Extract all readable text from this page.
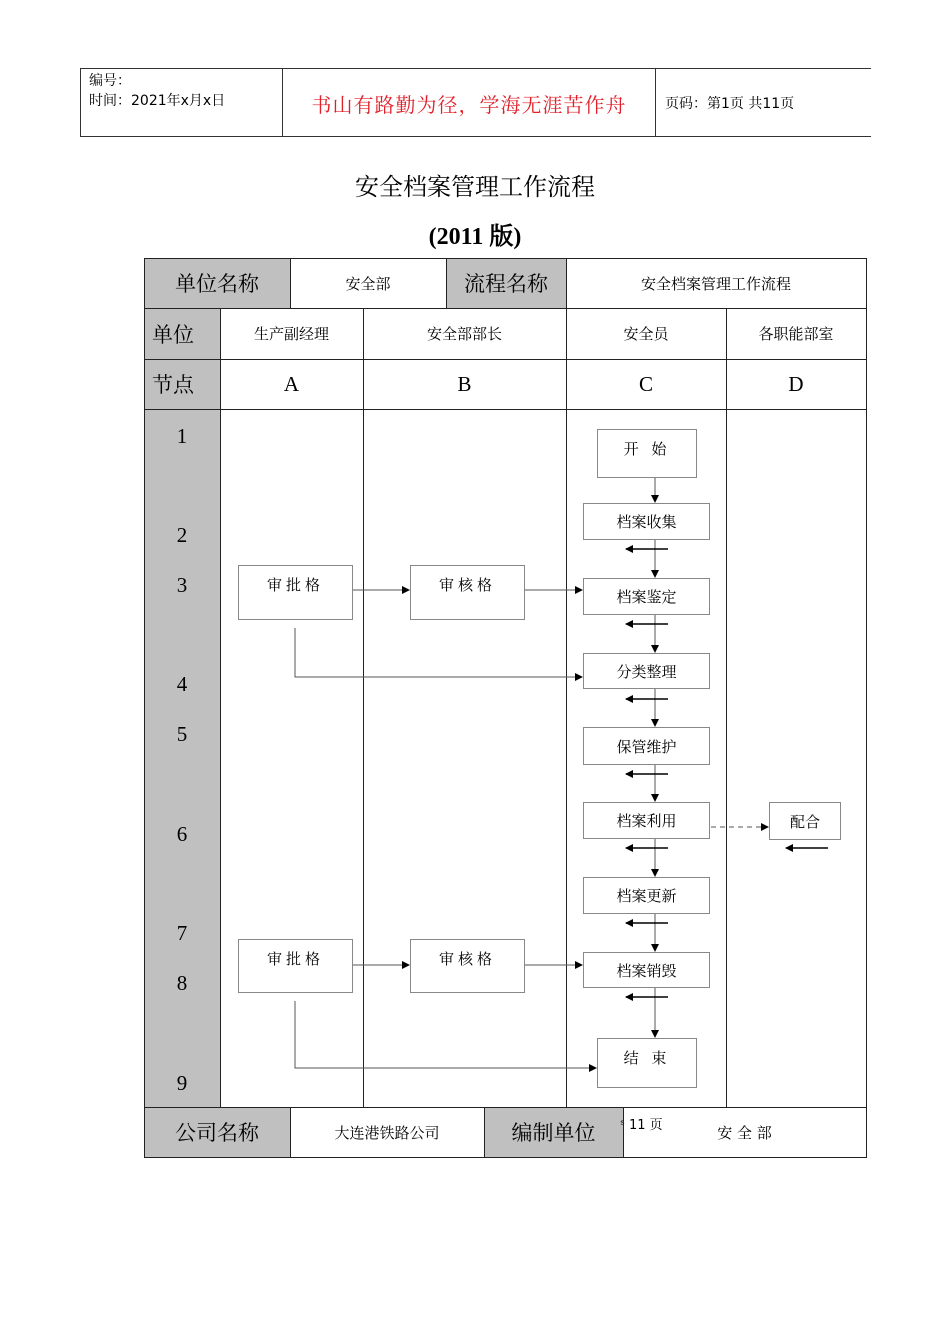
编号：
时间：2021年x月x日	书山有路勤为径，学海无涯苦作舟	页码：第1页 共11页
安全档案管理工作流程
(2011 版)
单位名称	安全部	流程名称	安全档案管理工作流程
单位	生产副经理	安全部部长	安全员	各职能部室
节点	A	B	C	D
公司名称	大连港铁路公司	编制单位	安 全 部
ˢ 11 页
1
2
3
4
5
6
7
8
9
开 始
档案收集
档案鉴定
分类整理
保管维护
档案利用
档案更新
档案销毁
结 束
配合
审批格	审核格
审批格	审核格
